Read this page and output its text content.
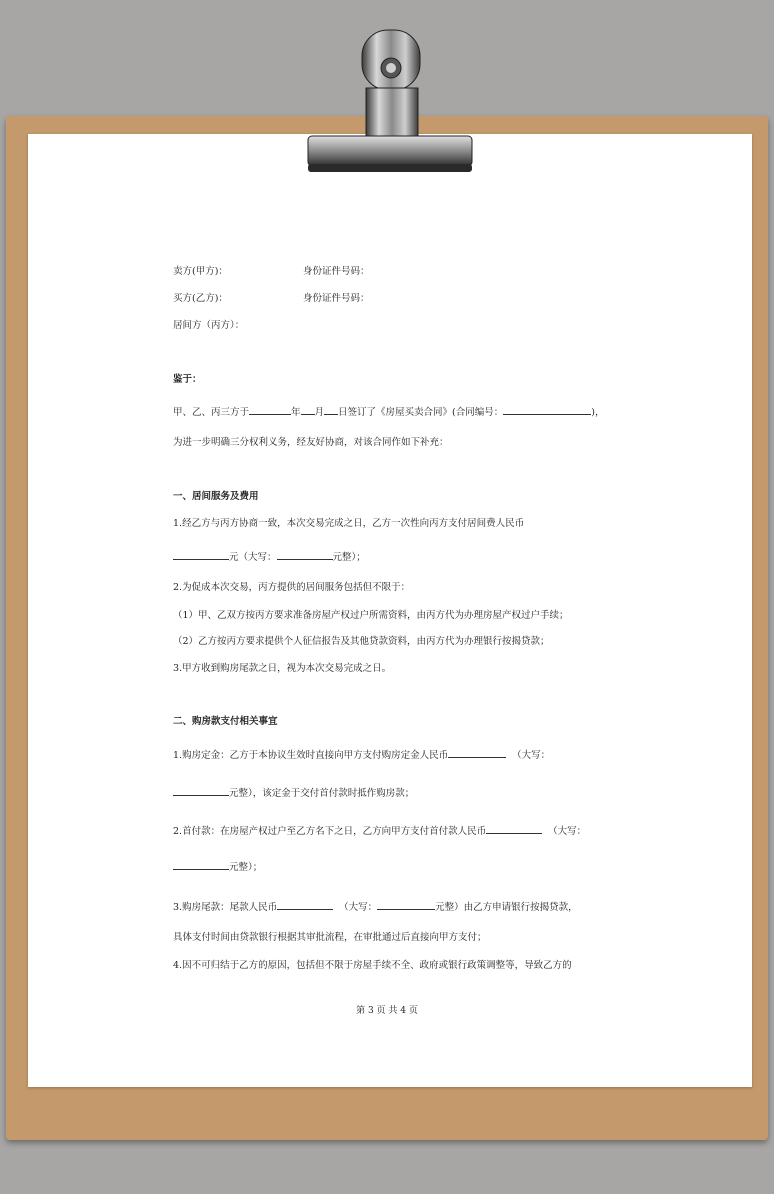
卖方(甲方)：	身份证件号码：
买方(乙方)：	身份证件号码：
居间方（丙方）：
鉴于：
甲、乙、丙三方于	年 月 日签订了《房屋买卖合同》(合同编号：	)，
为进一步明确三分权利义务，经友好协商，对该合同作如下补充：
一、居间服务及费用
1.经乙方与丙方协商一致，本次交易完成之日，乙方一次性向丙方支付居间费人民币
元（大写：	元整）；
2.为促成本次交易，丙方提供的居间服务包括但不限于：
（1）甲、乙双方按丙方要求准备房屋产权过户所需资料，由丙方代为办理房屋产权过户手续；
（2）乙方按丙方要求提供个人征信报告及其他贷款资料，由丙方代为办理银行按揭贷款；
3.甲方收到购房尾款之日，视为本次交易完成之日。
二、购房款支付相关事宜
1.购房定金：乙方于本协议生效时直接向甲方支付购房定金人民币	（大写：
元整），该定金于交付首付款时抵作购房款；
2.首付款：在房屋产权过户至乙方名下之日，乙方向甲方支付首付款人民币	（大写：
元整）；
3.购房尾款：尾款人民币	（大写：	元整）由乙方申请银行按揭贷款，
具体支付时间由贷款银行根据其审批流程，在审批通过后直接向甲方支付；
4.因不可归结于乙方的原因，包括但不限于房屋手续不全、政府或银行政策调整等，导致乙方的
第 3 页 共 4 页
